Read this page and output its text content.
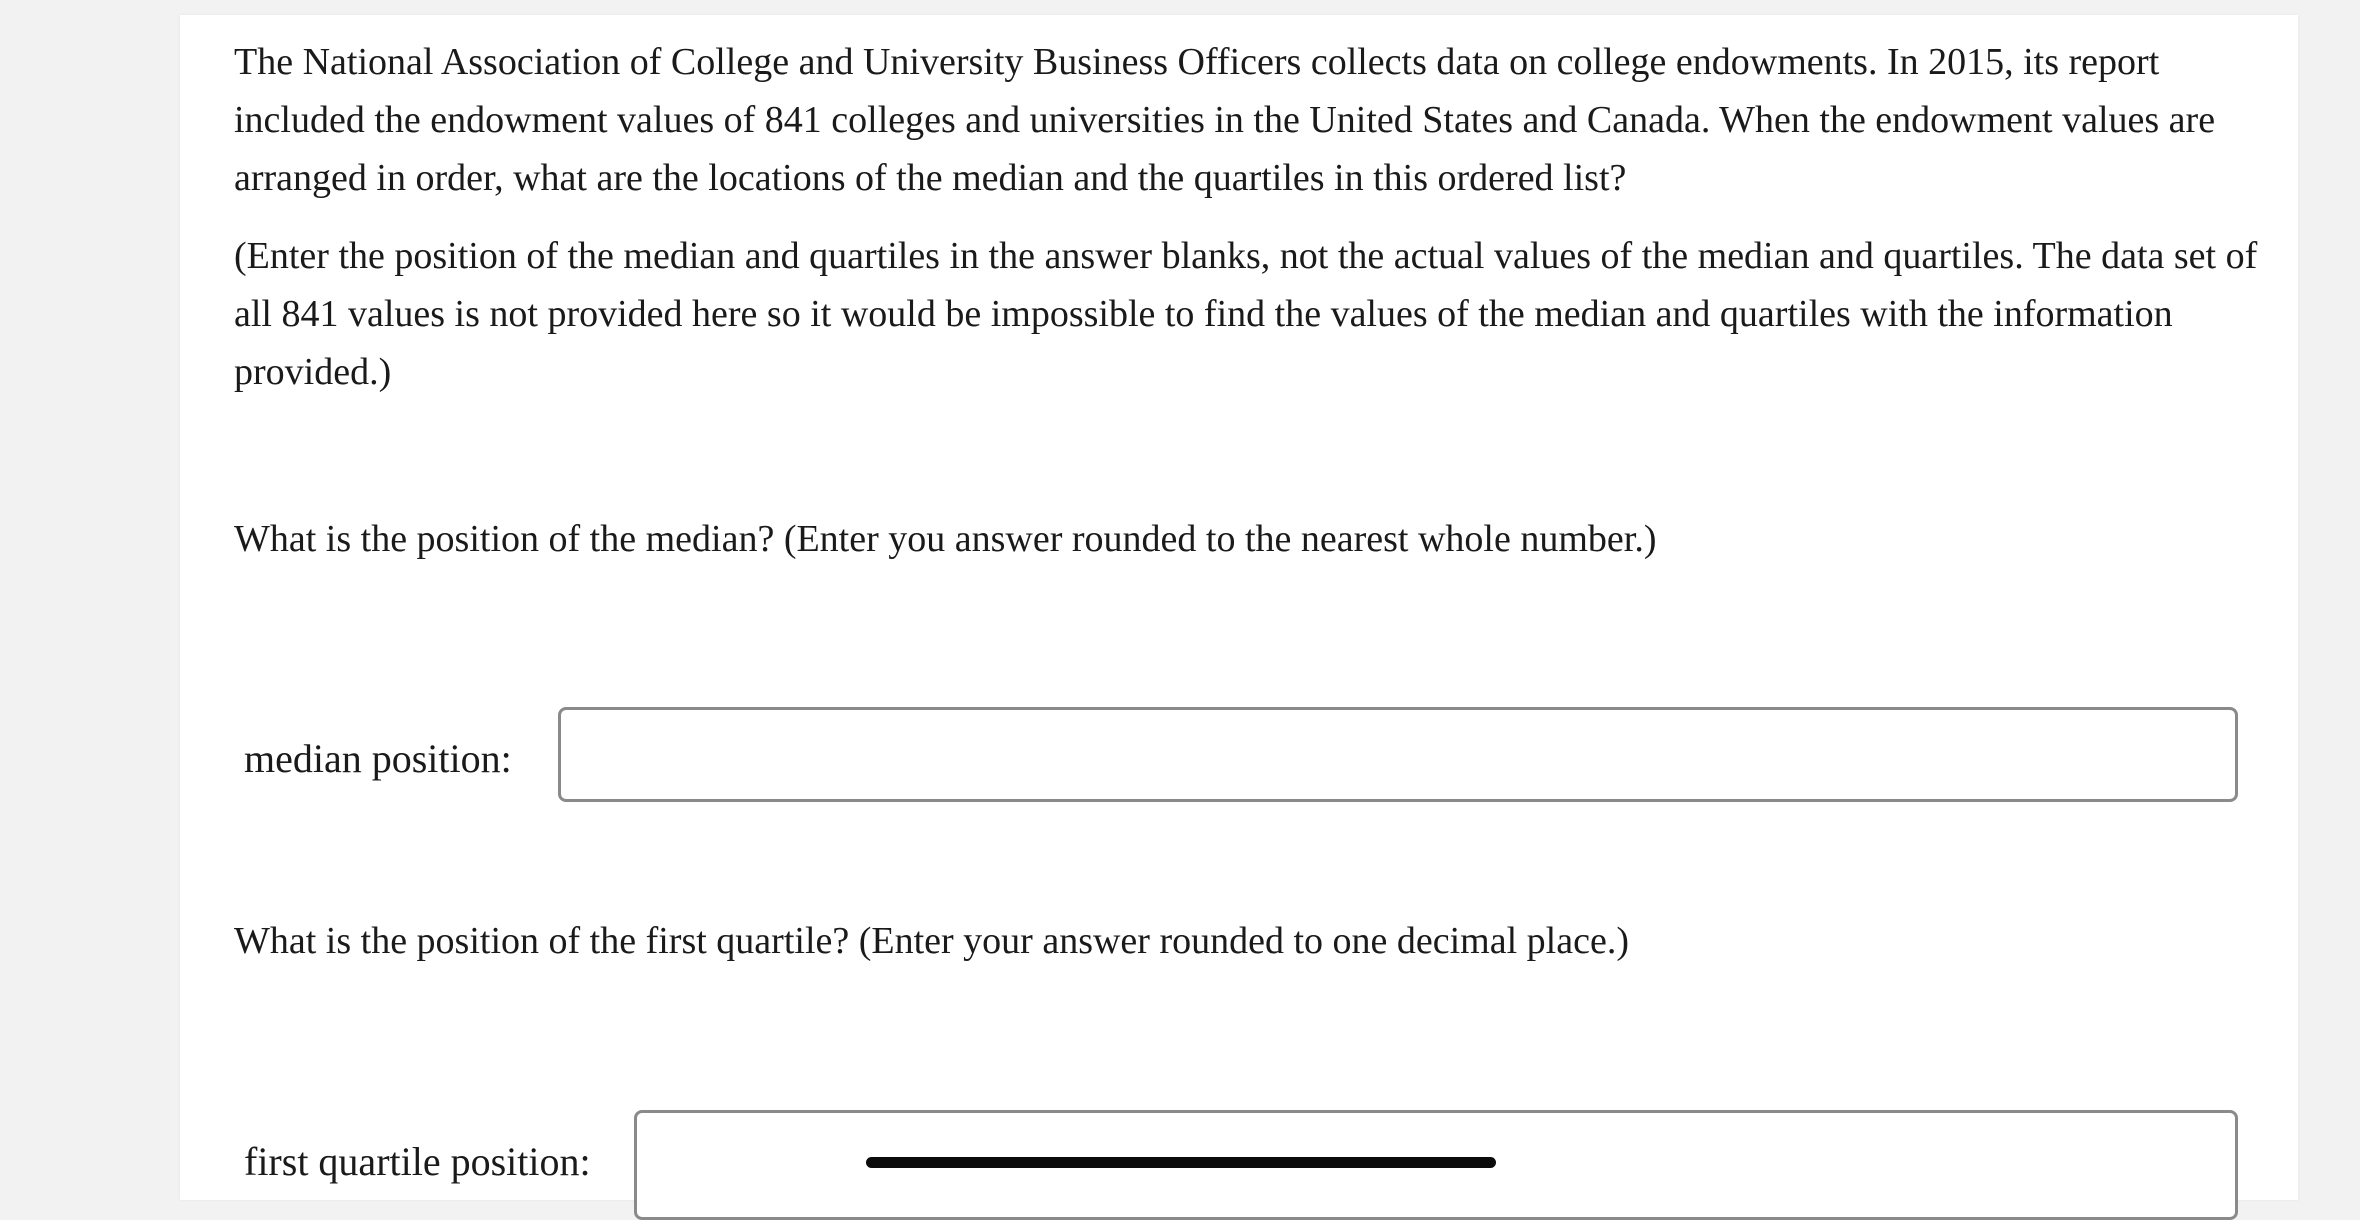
The National Association of College and University Business Officers collects data on college endowments. In 2015, its report included the endowment values of 841 colleges and universities in the United States and Canada. When the endowment values are arranged in order, what are the locations of the median and the quartiles in this ordered list?

(Enter the position of the median and quartiles in the answer blanks, not the actual values of the median and quartiles. The data set of all 841 values is not provided here so it would be impossible to find the values of the median and quartiles with the information provided.)

What is the position of the median? (Enter you answer rounded to the nearest whole number.)

median position:

What is the position of the first quartile? (Enter your answer rounded to one decimal place.)

first quartile position:
